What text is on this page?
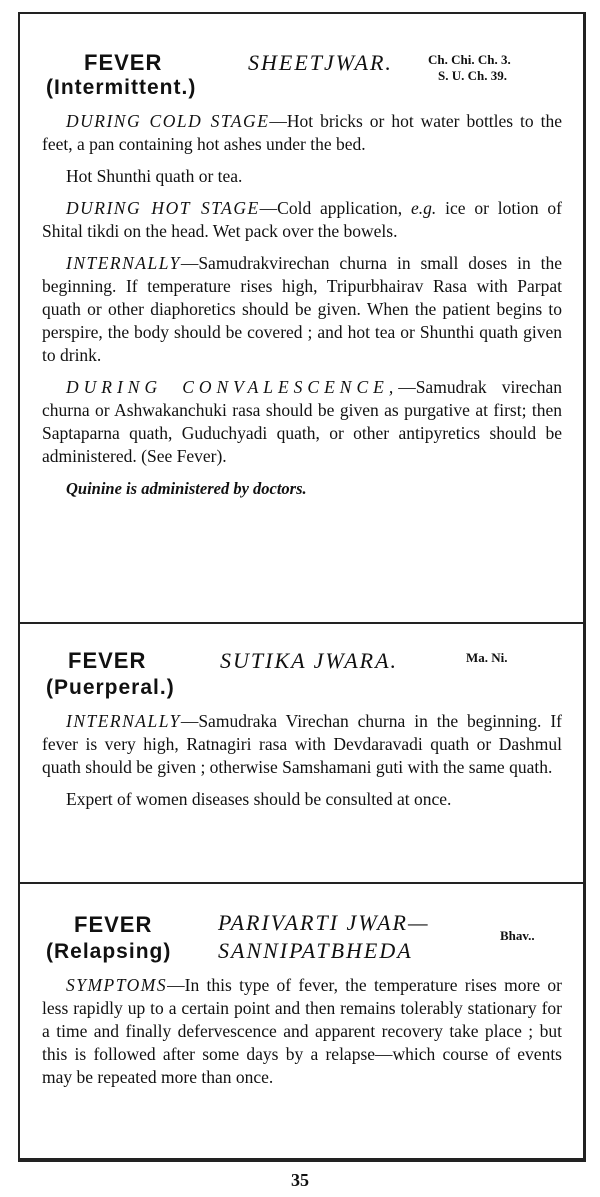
FEVER
(Intermittent.)
SHEETJWAR.	Ch. Chi. Ch. 3.
S. U. Ch. 39.

DURING COLD STAGE—Hot bricks or hot water bottles to the feet, a pan containing hot ashes under the bed.

Hot Shunthi quath or tea.

DURING HOT STAGE—Cold application, e.g. ice or lotion of Shital tikdi on the head. Wet pack over the bowels.

INTERNALLY—Samudrakvirechan churna in small doses in the beginning. If temperature rises high, Tripurbhairav Rasa with Parpat quath or other diaphoretics should be given. When the patient begins to perspire, the body should be covered ; and hot tea or Shunthi quath given to drink.

DURING CONVALESCENCE,—Samudrak virechan churna or Ashwakanchuki rasa should be given as purgative at first; then Saptaparna quath, Guduchyadi quath, or other antipyretics should be administered. (See Fever).

Quinine is administered by doctors.

FEVER
(Puerperal.)
SUTIKA JWARA.	Ma. Ni.

INTERNALLY—Samudraka Virechan churna in the beginning. If fever is very high, Ratnagiri rasa with Devdaravadi quath or Dashmul quath should be given ; otherwise Samshamani guti with the same quath.

Expert of women diseases should be consulted at once.

FEVER
(Relapsing)
PARIVARTI JWAR—
SANNIPATBHEDA
Bhav..

SYMPTOMS—In this type of fever, the temperature rises more or less rapidly up to a certain point and then remains tolerably stationary for a time and finally defervescence and apparent recovery take place ; but this is followed after some days by a relapse—which course of events may be repeated more than once.

35
